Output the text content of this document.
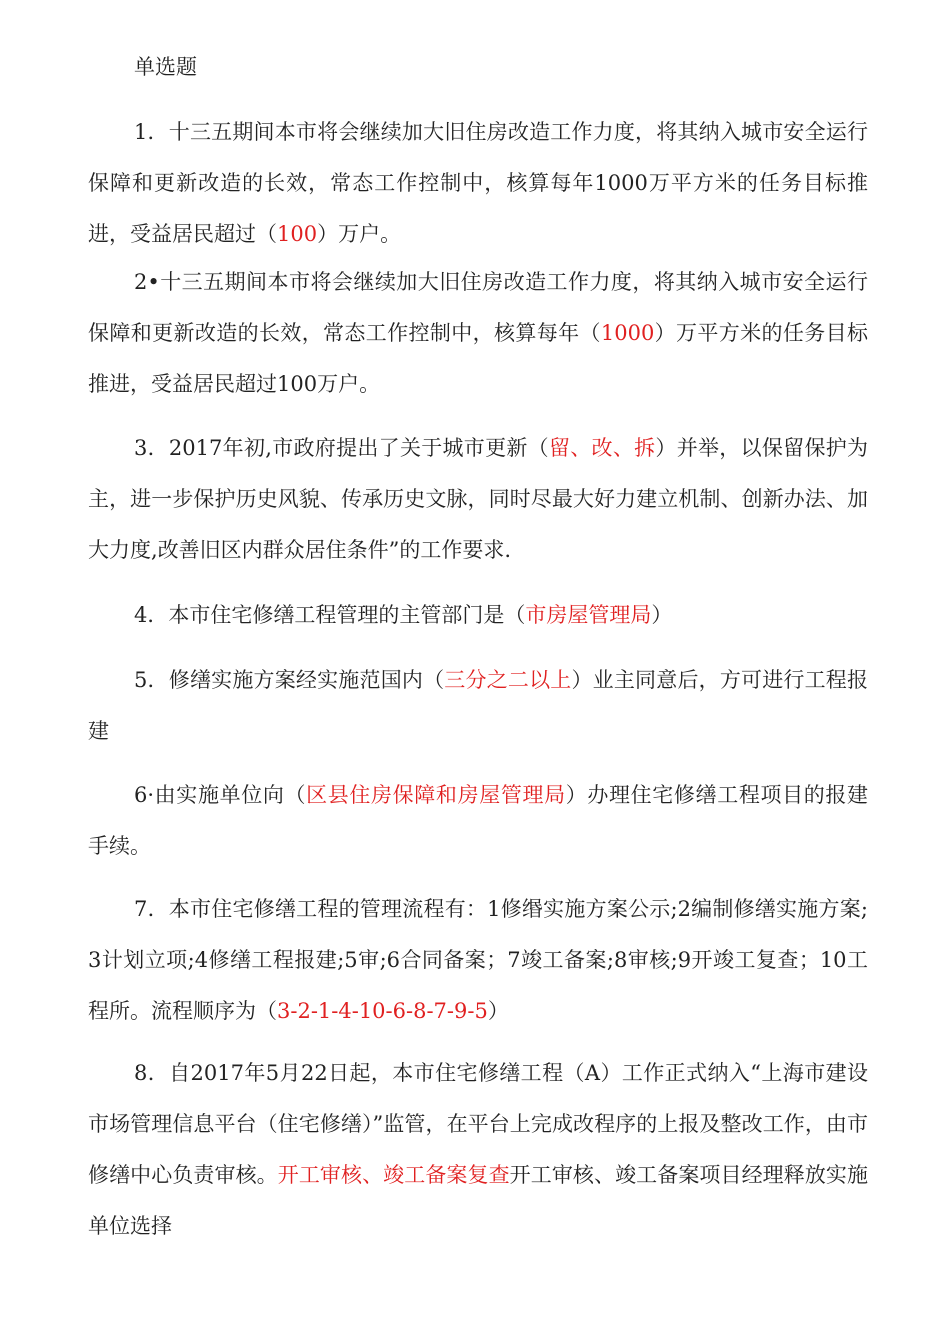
单选题

1．十三五期间本市将会继续加大旧住房改造工作力度，将其纳入城市安全运行保障和更新改造的长效，常态工作控制中，核算每年1000万平方米的任务目标推进，受益居民超过（100）万户。

2•十三五期间本市将会继续加大旧住房改造工作力度，将其纳入城市安全运行保障和更新改造的长效，常态工作控制中，核算每年（1000）万平方米的任务目标推进，受益居民超过100万户。

3．2017年初,市政府提出了关于城市更新（留、改、拆）并举，以保留保护为主，进一步保护历史风貌、传承历史文脉，同时尽最大好力建立机制、创新办法、加大力度,改善旧区内群众居住条件”的工作要求.

4．本市住宅修缮工程管理的主管部门是（市房屋管理局）

5．修缮实施方案经实施范国内（三分之二以上）业主同意后，方可进行工程报建

6·由实施单位向（区县住房保障和房屋管理局）办理住宅修缮工程项目的报建手续。

7．本市住宅修缮工程的管理流程有：1修缗实施方案公示;2编制修缮实施方案;3计划立项;4修缮工程报建;5审;6合同备案；7竣工备案;8审核;9开竣工复查；10工程所。流程顺序为（3-2-1-4-10-6-8-7-9-5）

8．自2017年5月22日起，本市住宅修缮工程（A）工作正式纳入“上海市建设市场管理信息平台（住宅修缮）”监管，在平台上完成改程序的上报及整改工作，由市修缮中心负责审核。开工审核、竣工备案复查开工审核、竣工备案项目经理释放实施单位选择
